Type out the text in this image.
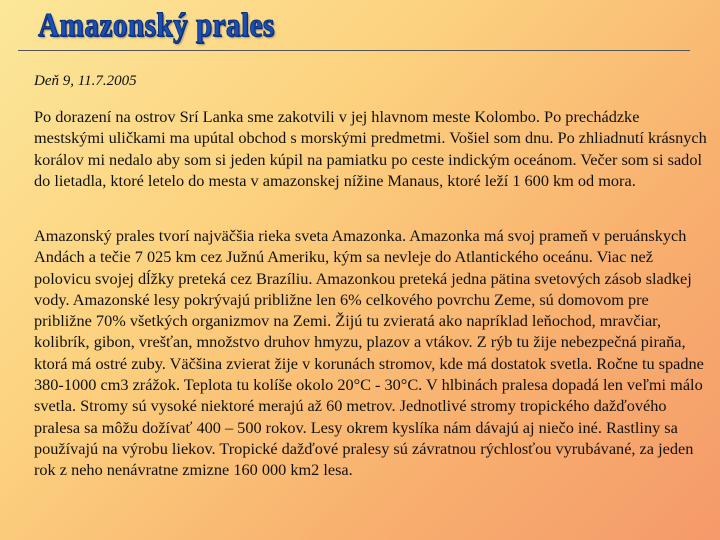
Amazonský prales
Deň 9, 11.7.2005

Po dorazení na ostrov Srí Lanka sme zakotvili v jej hlavnom meste Kolombo. Po prechádzke mestskými uličkami ma upútal obchod s morskými predmetmi. Vošiel som dnu. Po zhliadnutí krásnych korálov mi nedalo aby som si jeden kúpil na pamiatku po ceste indickým oceánom. Večer som si sadol do lietadla, ktoré letelo do mesta v amazonskej nížine Manaus, ktoré leží 1 600 km od mora.

Amazonský prales tvorí najväčšia rieka sveta Amazonka. Amazonka má svoj prameň v peruánskych Andách a tečie 7 025 km cez Južnú Ameriku, kým sa nevleje do Atlantického oceánu. Viac než polovicu svojej dĺžky preteká cez Brazíliu. Amazonkou preteká jedna pätina svetových zásob sladkej vody. Amazonské lesy pokrývajú približne len 6% celkového povrchu Zeme, sú domovom pre približne 70% všetkých organizmov na Zemi. Žijú tu zvieratá ako napríklad leňochod, mravčiar, kolibrík, gibon, vrešťan, množstvo druhov hmyzu, plazov a vtákov. Z rýb tu žije nebezpečná piraňa, ktorá má ostré zuby. Väčšina zvierat žije v korunách stromov, kde má dostatok svetla. Ročne tu spadne 380-1000 cm3 zrážok. Teplota tu kolíše okolo 20°C - 30°C. V hlbinách pralesa dopadá len veľmi málo svetla. Stromy sú vysoké niektoré merajú až 60 metrov. Jednotlivé stromy tropického dažďového pralesa sa môžu dožívať 400 – 500 rokov. Lesy okrem kyslíka nám dávajú aj niečo iné. Rastliny sa používajú na výrobu liekov. Tropické dažďové pralesy sú závratnou rýchlosťou vyrubávané, za jeden rok z neho nenávratne zmizne 160 000 km2 lesa.
